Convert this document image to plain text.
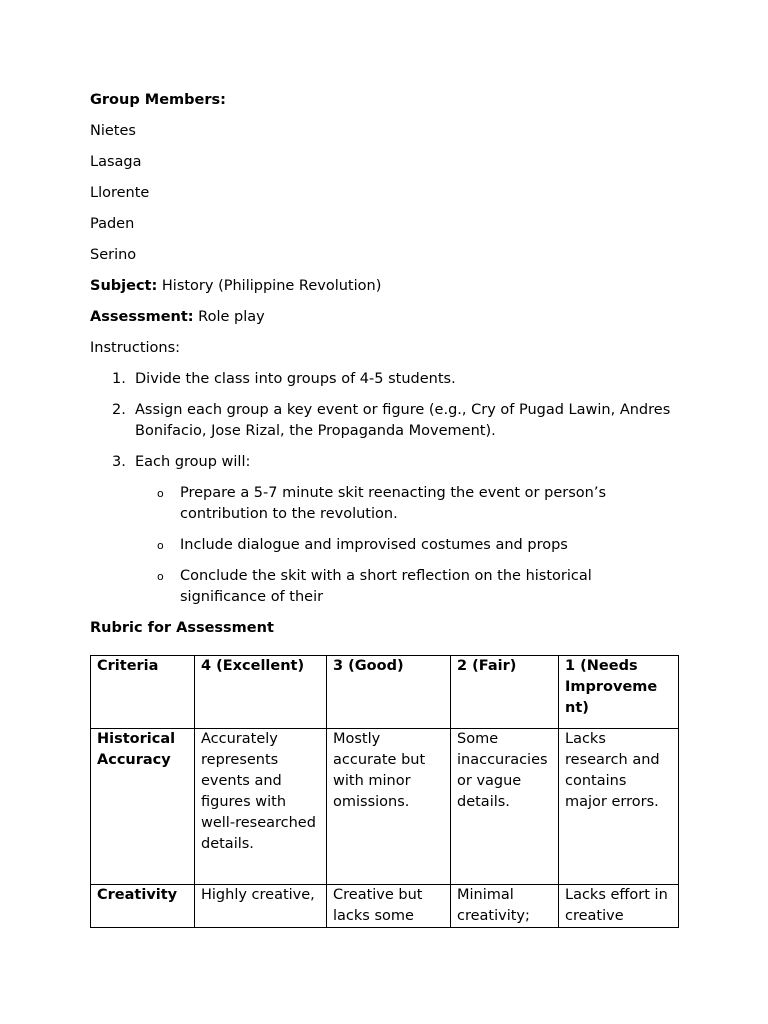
Group Members:

Nietes

Lasaga

Llorente

Paden

Serino

Subject: History (Philippine Revolution)

Assessment: Role play

Instructions:

1. Divide the class into groups of 4-5 students.
2. Assign each group a key event or figure (e.g., Cry of Pugad Lawin, Andres Bonifacio, Jose Rizal, the Propaganda Movement).
3. Each group will:
o Prepare a 5-7 minute skit reenacting the event or person’s contribution to the revolution.
o Include dialogue and improvised costumes and props
o Conclude the skit with a short reflection on the historical significance of their

Rubric for Assessment

Criteria	4 (Excellent)	3 (Good)	2 (Fair)	1 (Needs Improveme nt)
Historical Accuracy	Accurately represents events and figures with well-researched details.	Mostly accurate but with minor omissions.	Some inaccuracies or vague details.	Lacks research and contains major errors.
Creativity	Highly creative,	Creative but lacks some	Minimal creativity;	Lacks effort in creative
